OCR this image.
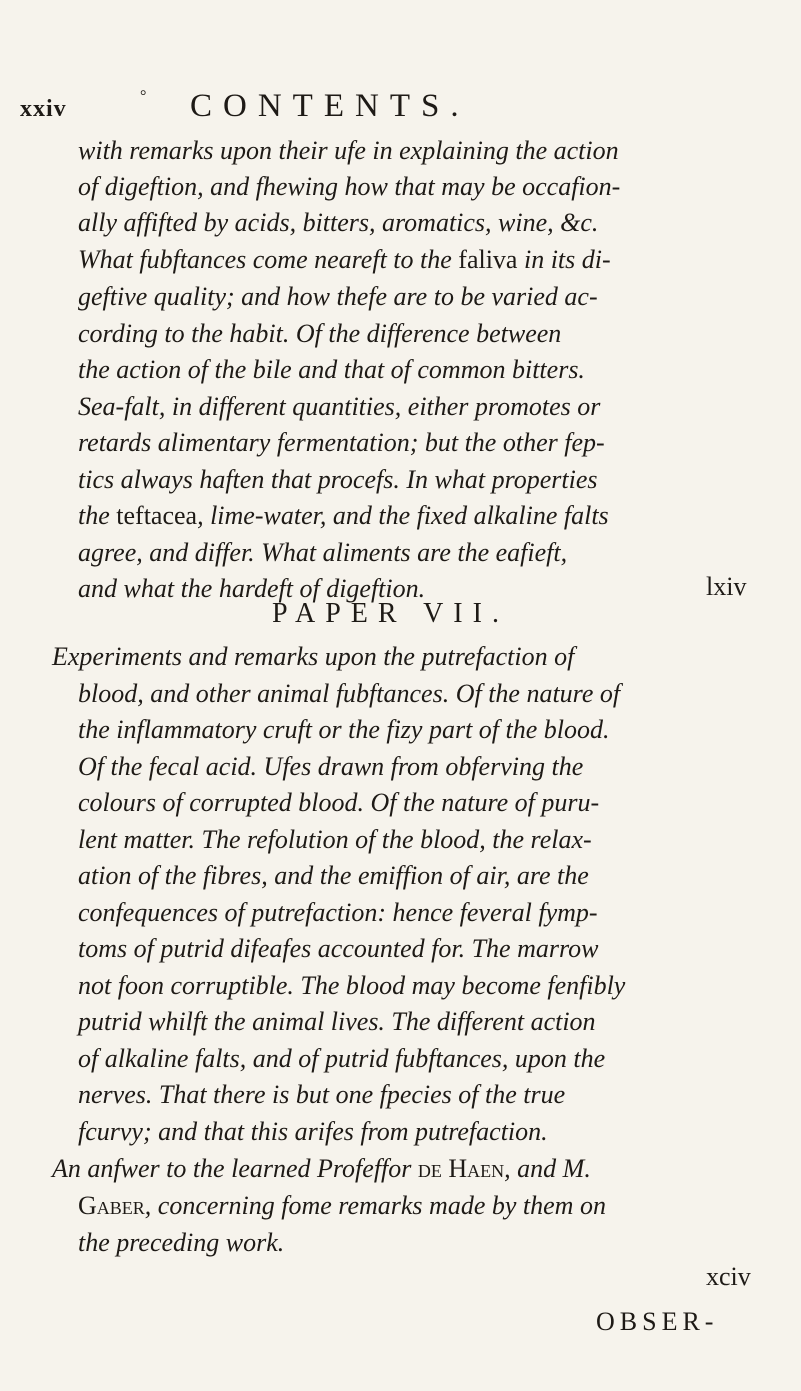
xxiv	° CONTENTS.
with remarks upon their ufe in explaining the action
of digeftion, and fhewing how that may be occafion-
ally affifted by acids, bitters, aromatics, wine, &c.
What fubftances come neareft to the faliva in its di-
geftive quality; and how thefe are to be varied ac-
cording to the habit. Of the difference between
the action of the bile and that of common bitters.
Sea-falt, in different quantities, either promotes or
retards alimentary fermentation; but the other fep-
tics always haften that procefs. In what properties
the teftacea, lime-water, and the fixed alkaline falts
agree, and differ. What aliments are the eafieft,
and what the hardeft of digeftion.	lxiv
PAPER VII.
Experiments and remarks upon the putrefaction of
blood, and other animal fubftances. Of the nature of
the inflammatory cruft or the fizy part of the blood.
Of the fecal acid. Ufes drawn from obferving the
colours of corrupted blood. Of the nature of puru-
lent matter. The refolution of the blood, the relax-
ation of the fibres, and the emiffion of air, are the
confequences of putrefaction: hence feveral fymp-
toms of putrid difeafes accounted for. The marrow
not foon corruptible. The blood may become fenfibly
putrid whilft the animal lives. The different action
of alkaline falts, and of putrid fubftances, upon the
nerves. That there is but one fpecies of the true
fcurvy; and that this arifes from putrefaction.
An anfwer to the learned Profeffor de Haen, and M.
Gaber, concerning fome remarks made by them on
the preceding work.
xciv
OBSER-
